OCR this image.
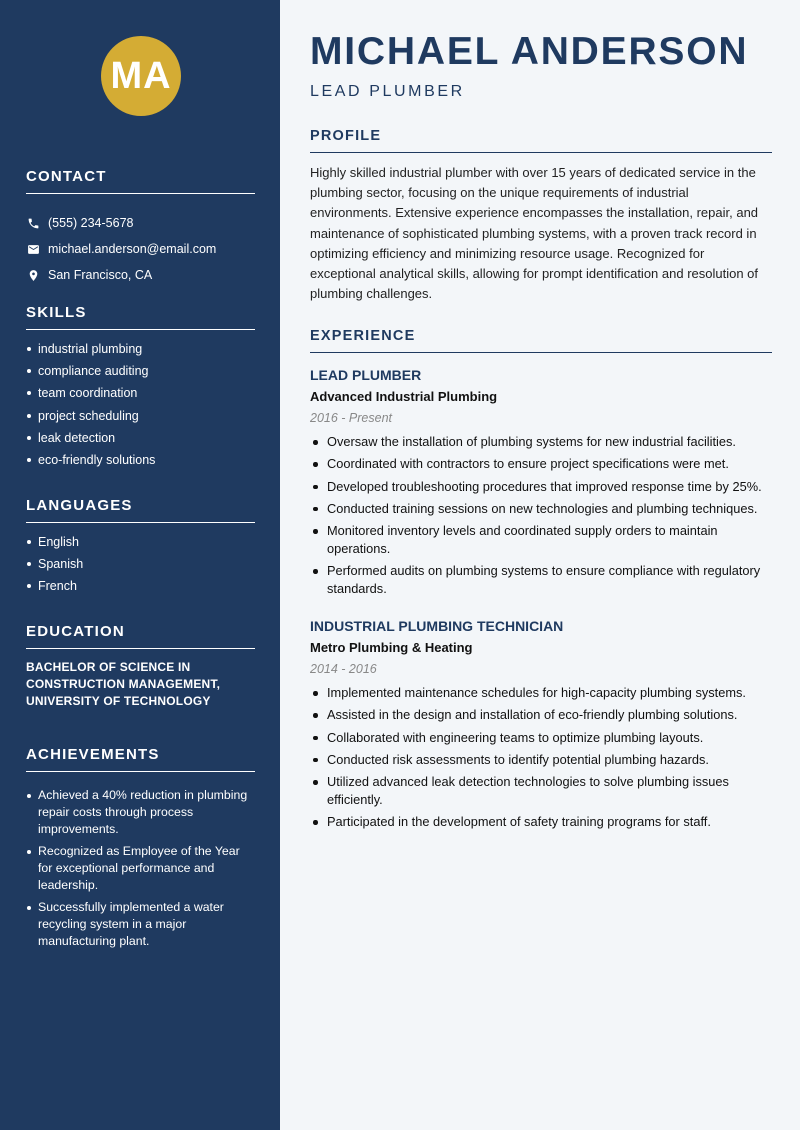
MA
CONTACT
(555) 234-5678
michael.anderson@email.com
San Francisco, CA
SKILLS
industrial plumbing
compliance auditing
team coordination
project scheduling
leak detection
eco-friendly solutions
LANGUAGES
English
Spanish
French
EDUCATION
BACHELOR OF SCIENCE IN CONSTRUCTION MANAGEMENT, UNIVERSITY OF TECHNOLOGY
ACHIEVEMENTS
Achieved a 40% reduction in plumbing repair costs through process improvements.
Recognized as Employee of the Year for exceptional performance and leadership.
Successfully implemented a water recycling system in a major manufacturing plant.
MICHAEL ANDERSON
LEAD PLUMBER
PROFILE
Highly skilled industrial plumber with over 15 years of dedicated service in the plumbing sector, focusing on the unique requirements of industrial environments. Extensive experience encompasses the installation, repair, and maintenance of sophisticated plumbing systems, with a proven track record in optimizing efficiency and minimizing resource usage. Recognized for exceptional analytical skills, allowing for prompt identification and resolution of plumbing challenges.
EXPERIENCE
LEAD PLUMBER
Advanced Industrial Plumbing
2016 - Present
Oversaw the installation of plumbing systems for new industrial facilities.
Coordinated with contractors to ensure project specifications were met.
Developed troubleshooting procedures that improved response time by 25%.
Conducted training sessions on new technologies and plumbing techniques.
Monitored inventory levels and coordinated supply orders to maintain operations.
Performed audits on plumbing systems to ensure compliance with regulatory standards.
INDUSTRIAL PLUMBING TECHNICIAN
Metro Plumbing & Heating
2014 - 2016
Implemented maintenance schedules for high-capacity plumbing systems.
Assisted in the design and installation of eco-friendly plumbing solutions.
Collaborated with engineering teams to optimize plumbing layouts.
Conducted risk assessments to identify potential plumbing hazards.
Utilized advanced leak detection technologies to solve plumbing issues efficiently.
Participated in the development of safety training programs for staff.
